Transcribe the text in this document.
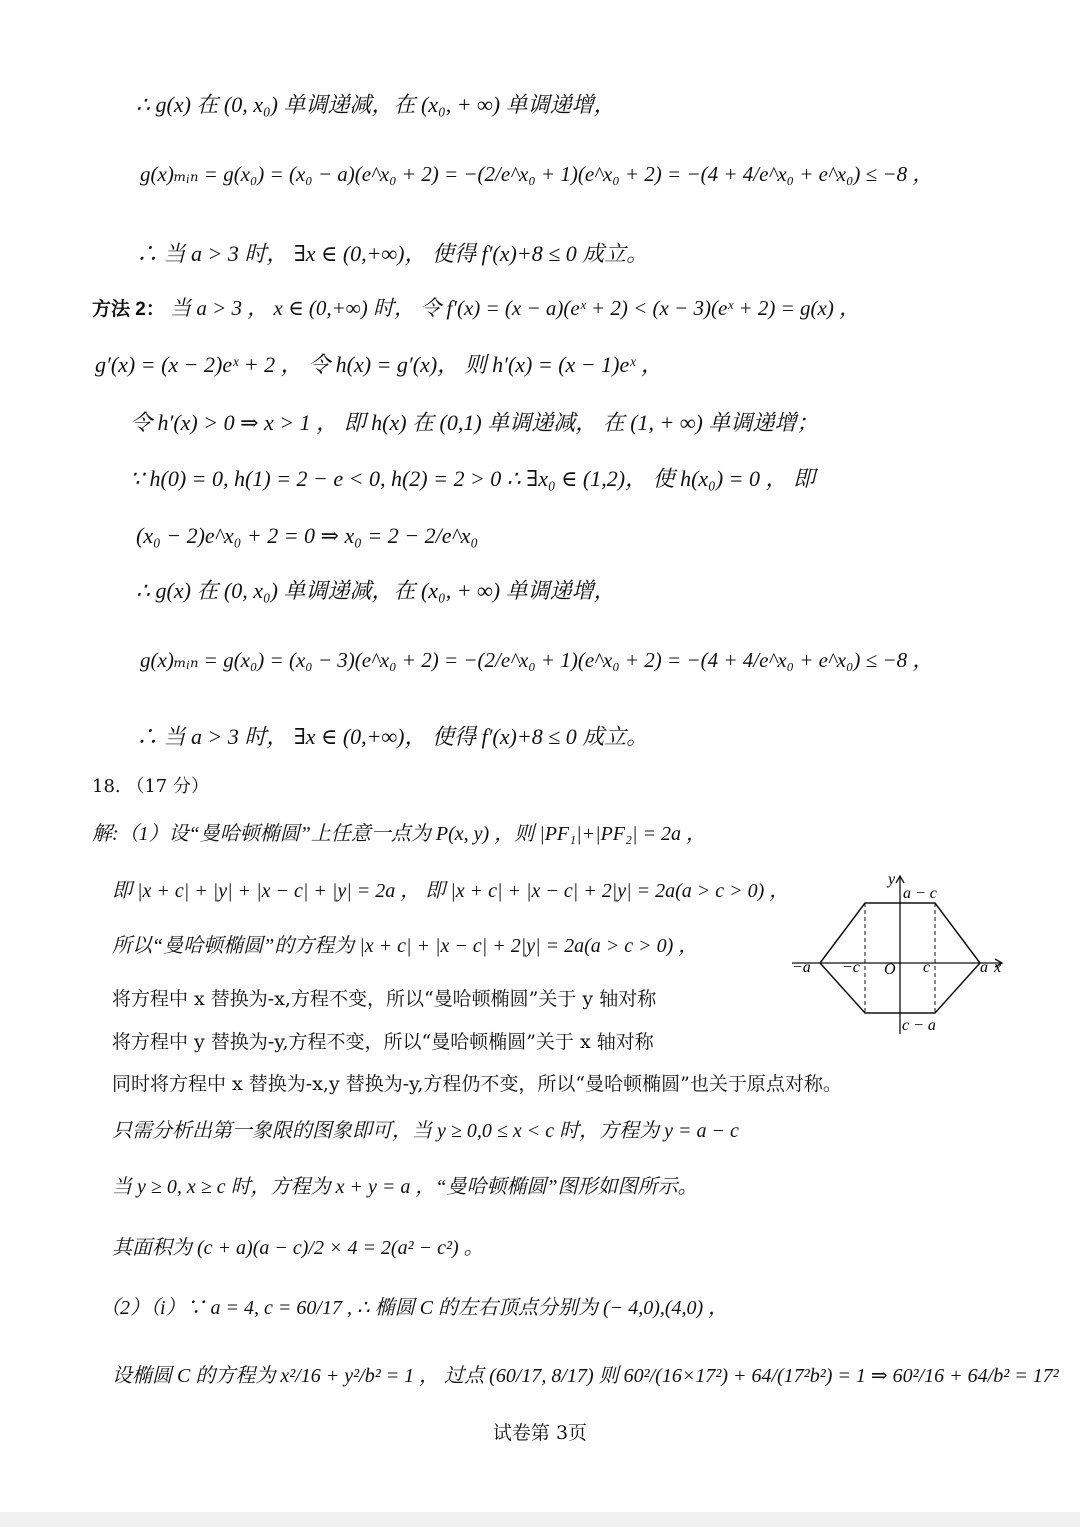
∴ g(x) 在 (0, x₀) 单调递减，在 (x₀, + ∞) 单调递增，
g(x)ₘᵢₙ = g(x₀) = (x₀ − a)(e^x₀ + 2) = −(2/e^x₀ + 1)(e^x₀ + 2) = −(4 + 4/e^x₀ + e^x₀) ≤ −8 ，
∴ 当 a > 3 时， ∃x ∈ (0,+∞)， 使得 f′(x)+8 ≤ 0 成立。
方法 2： 当 a > 3 ， x ∈ (0,+∞) 时， 令 f′(x) = (x − a)(eˣ + 2) < (x − 3)(eˣ + 2) = g(x) ，
g′(x) = (x − 2)eˣ + 2 ， 令 h(x) = g′(x)， 则 h′(x) = (x − 1)eˣ ，
令 h′(x) > 0 ⇒ x > 1 ， 即 h(x) 在 (0,1) 单调递减， 在 (1, + ∞) 单调递增；
∵ h(0) = 0, h(1) = 2 − e < 0, h(2) = 2 > 0 ∴ ∃x₀ ∈ (1,2)， 使 h(x₀) = 0 ， 即
(x₀ − 2)e^x₀ + 2 = 0 ⇒ x₀ = 2 − 2/e^x₀
∴ g(x) 在 (0, x₀) 单调递减，在 (x₀, + ∞) 单调递增，
g(x)ₘᵢₙ = g(x₀) = (x₀ − 3)(e^x₀ + 2) = −(2/e^x₀ + 1)(e^x₀ + 2) = −(4 + 4/e^x₀ + e^x₀) ≤ −8 ，
∴ 当 a > 3 时， ∃x ∈ (0,+∞)， 使得 f′(x)+8 ≤ 0 成立。
18. （17 分）
解:（1）设“曼哈顿椭圆”上任意一点为 P(x, y) ，则 |PF₁|+|PF₂| = 2a ，
即 |x + c| + |y| + |x − c| + |y| = 2a ， 即 |x + c| + |x − c| + 2|y| = 2a(a > c > 0) ，
所以“曼哈顿椭圆”的方程为 |x + c| + |x − c| + 2|y| = 2a(a > c > 0) ，
将方程中 x 替换为-x,方程不变，所以“曼哈顿椭圆”关于 y 轴对称
将方程中 y 替换为-y,方程不变，所以“曼哈顿椭圆”关于 x 轴对称
同时将方程中 x 替换为-x,y 替换为-y,方程仍不变，所以“曼哈顿椭圆”也关于原点对称。
只需分析出第一象限的图象即可，当 y ≥ 0,0 ≤ x < c 时，方程为 y = a − c
当 y ≥ 0, x ≥ c 时，方程为 x + y = a ，“曼哈顿椭圆”图形如图所示。
其面积为 (c + a)(a − c)/2 × 4 = 2(a² − c²) 。
（2）（i）∵ a = 4, c = 60/17 , ∴ 椭圆 C 的左右顶点分别为 (− 4,0),(4,0) ，
设椭圆 C 的方程为 x²/16 + y²/b² = 1 ， 过点 (60/17, 8/17) 则 60²/(16×17²) + 64/(17²b²) = 1 ⇒ 60²/16 + 64/b² = 17²
y
a − c
−a −c O c	a x
c − a
试卷第 3页
